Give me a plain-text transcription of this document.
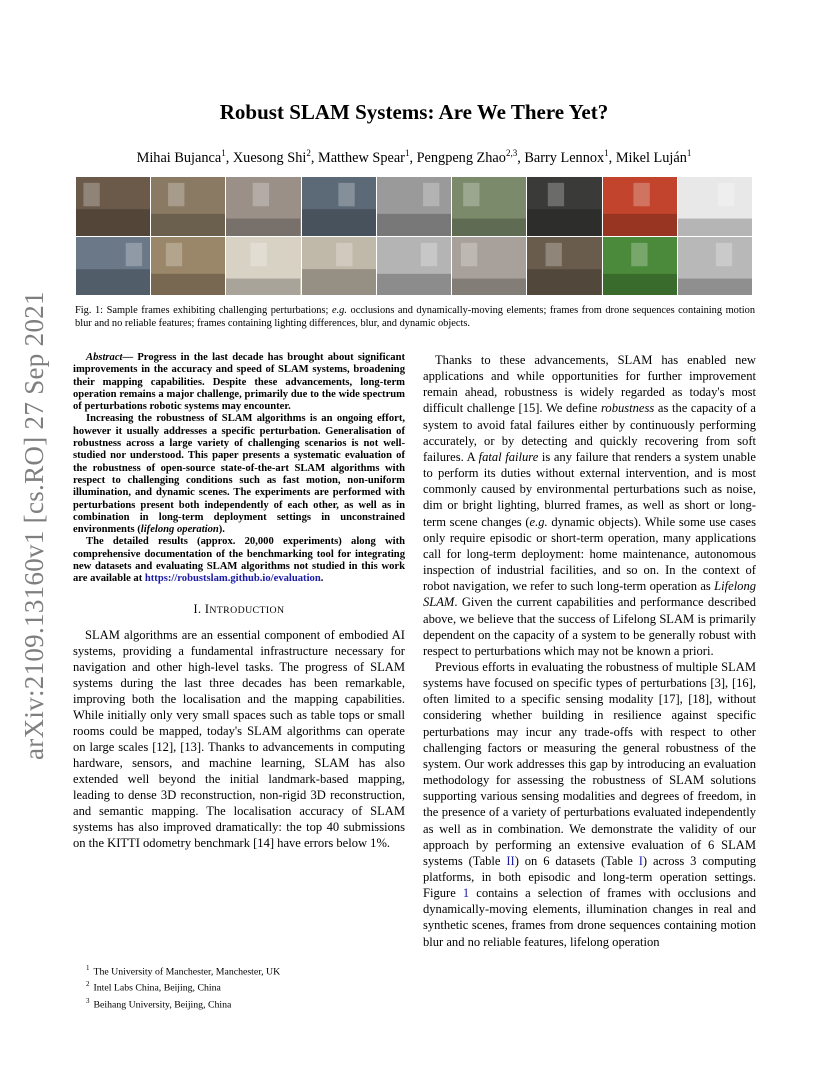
arXiv:2109.13160v1 [cs.RO] 27 Sep 2021
Robust SLAM Systems: Are We There Yet?
Mihai Bujanca$^1$, Xuesong Shi$^2$, Matthew Spear$^1$, Pengpeng Zhao$^{2,3}$, Barry Lennox$^1$, Mikel Luján$^1$
Fig. 1: Sample frames exhibiting challenging perturbations; e.g. occlusions and dynamically-moving elements; frames from drone sequences containing motion blur and no reliable features; frames containing lighting differences, blur, and dynamic objects.

Abstract— Progress in the last decade has brought about significant improvements in the accuracy and speed of SLAM systems, broadening their mapping capabilities. Despite these advancements, long-term operation remains a major challenge, primarily due to the wide spectrum of perturbations robotic systems may encounter.

Increasing the robustness of SLAM algorithms is an ongoing effort, however it usually addresses a specific perturbation. Generalisation of robustness across a large variety of challenging scenarios is not well-studied nor understood. This paper presents a systematic evaluation of the robustness of open-source state-of-the-art SLAM algorithms with respect to challenging conditions such as fast motion, non-uniform illumination, and dynamic scenes. The experiments are performed with perturbations present both independently of each other, as well as in combination in long-term deployment settings in unconstrained environments (lifelong operation).

The detailed results (approx. 20,000 experiments) along with comprehensive documentation of the benchmarking tool for integrating new datasets and evaluating SLAM algorithms not studied in this work are available at https://robustslam.github.io/evaluation.

I. INTRODUCTION

SLAM algorithms are an essential component of embodied AI systems, providing a fundamental infrastructure necessary for navigation and other high-level tasks. The progress of SLAM systems during the last three decades has been remarkable, improving both the localisation and the mapping capabilities. While initially only very small spaces such as table tops or small rooms could be mapped, today's SLAM algorithms can operate on large scales [12], [13]. Thanks to advancements in computing hardware, sensors, and machine learning, SLAM has also extended well beyond the initial landmark-based mapping, leading to dense 3D reconstruction, non-rigid 3D reconstruction, and semantic mapping. The localisation accuracy of SLAM systems has also improved dramatically: the top 40 submissions on the KITTI odometry benchmark [14] have errors below 1%.

$^1$ The University of Manchester, Manchester, UK
$^2$ Intel Labs China, Beijing, China
$^3$ Beihang University, Beijing, China

Thanks to these advancements, SLAM has enabled new applications and while opportunities for further improvement remain ahead, robustness is widely regarded as today's most difficult challenge [15]. We define robustness as the capacity of a system to avoid fatal failures either by continuously performing accurately, or by detecting and quickly recovering from soft failures. A fatal failure is any failure that renders a system unable to perform its duties without external intervention, and is most commonly caused by environmental perturbations such as noise, dim or bright lighting, blurred frames, as well as short or long-term scene changes (e.g. dynamic objects). While some use cases only require episodic or short-term operation, many applications call for long-term deployment: home maintenance, autonomous inspection of industrial facilities, and so on. In the context of robot navigation, we refer to such long-term operation as Lifelong SLAM. Given the current capabilities and performance described above, we believe that the success of Lifelong SLAM is primarily dependent on the capacity of a system to be generally robust with respect to perturbations which may not be known a priori.

Previous efforts in evaluating the robustness of multiple SLAM systems have focused on specific types of perturbations [3], [16], often limited to a specific sensing modality [17], [18], without considering whether building in resilience against specific perturbations may incur any trade-offs with respect to other challenging factors or measuring the general robustness of the system. Our work addresses this gap by introducing an evaluation methodology for assessing the robustness of SLAM solutions supporting various sensing modalities and degrees of freedom, in the presence of a variety of perturbations evaluated independently as well as in combination. We demonstrate the validity of our approach by performing an extensive evaluation of 6 SLAM systems (Table II) on 6 datasets (Table I) across 3 computing platforms, in both episodic and long-term operation settings. Figure 1 contains a selection of frames with occlusions and dynamically-moving elements, illumination changes in real and synthetic scenes, frames from drone sequences containing motion blur and no reliable features, lifelong operation
